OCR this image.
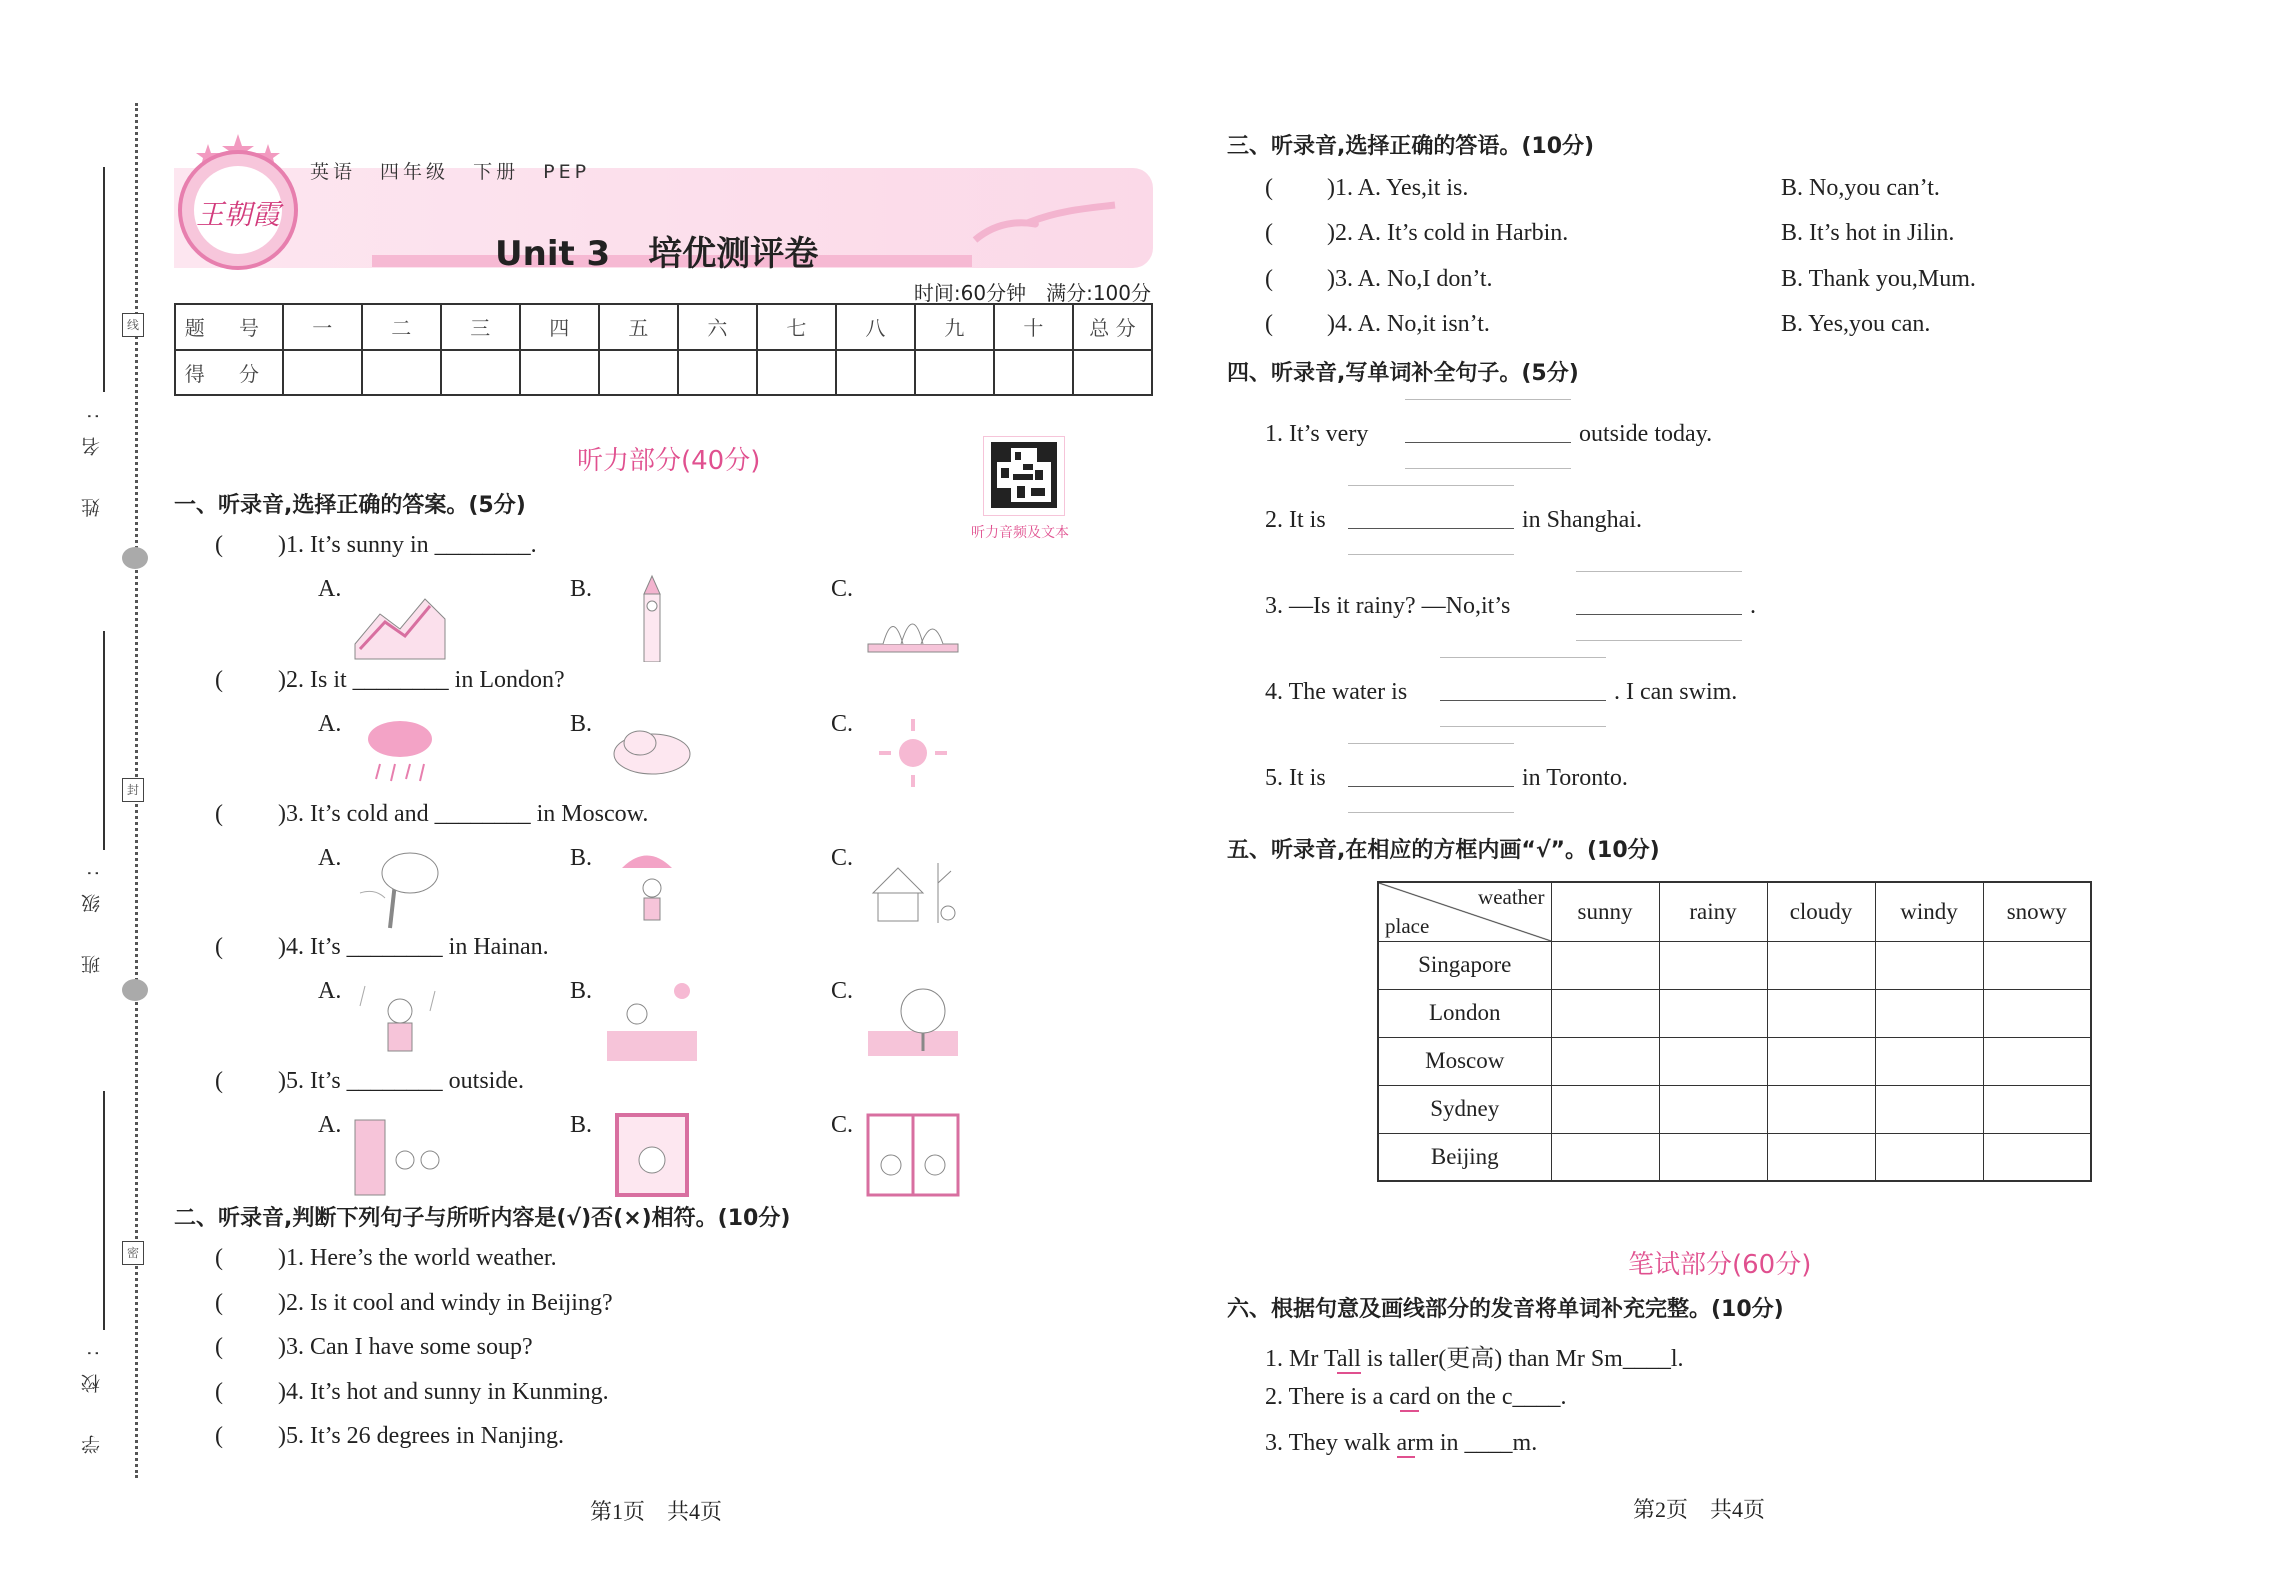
姓 名:
班 级:
学 校:
线
封
密
王朝霞
英语 四年级 下册 PEP
Unit 3 培优测评卷
时间:60分钟　满分:100分
题 号	一	二	三	四	五	六	七	八	九	十	总 分
得 分											
听力部分(40分)
听力音频及文本
一、听录音,选择正确的答案。(5分)
( )1. It’s sunny in ________.
A.	B.	C.
( )2. Is it ________ in London?
A.	B.	C.
( )3. It’s cold and ________ in Moscow.
A.	B.	C.
( )4. It’s ________ in Hainan.
A.	B.	C.
( )5. It’s ________ outside.
A.	B.	C.
二、听录音,判断下列句子与所听内容是(√)否(×)相符。(10分)
( )1. Here’s the world weather.
( )2. Is it cool and windy in Beijing?
( )3. Can I have some soup?
( )4. It’s hot and sunny in Kunming.
( )5. It’s 26 degrees in Nanjing.
第1页　共4页
三、听录音,选择正确的答语。(10分)
( )1. A. Yes,it is.	B. No,you can’t.
( )2. A. It’s cold in Harbin.	B. It’s hot in Jilin.
( )3. A. No,I don’t.	B. Thank you,Mum.
( )4. A. No,it isn’t.	B. Yes,you can.
四、听录音,写单词补全句子。(5分)
1. It’s very	outside today.
2. It is	in Shanghai.
3. —Is it rainy? —No,it’s	.
4. The water is	. I can swim.
5. It is	in Toronto.
五、听录音,在相应的方框内画“√”。(10分)
weather
place	sunny	rainy	cloudy	windy	snowy
Singapore					
London					
Moscow					
Sydney					
Beijing					
笔试部分(60分)
六、根据句意及画线部分的发音将单词补充完整。(10分)
1. Mr Tall is taller(更高) than Mr Sm____l.
2. There is a card on the c____.
3. They walk arm in ____m.
第2页　共4页
